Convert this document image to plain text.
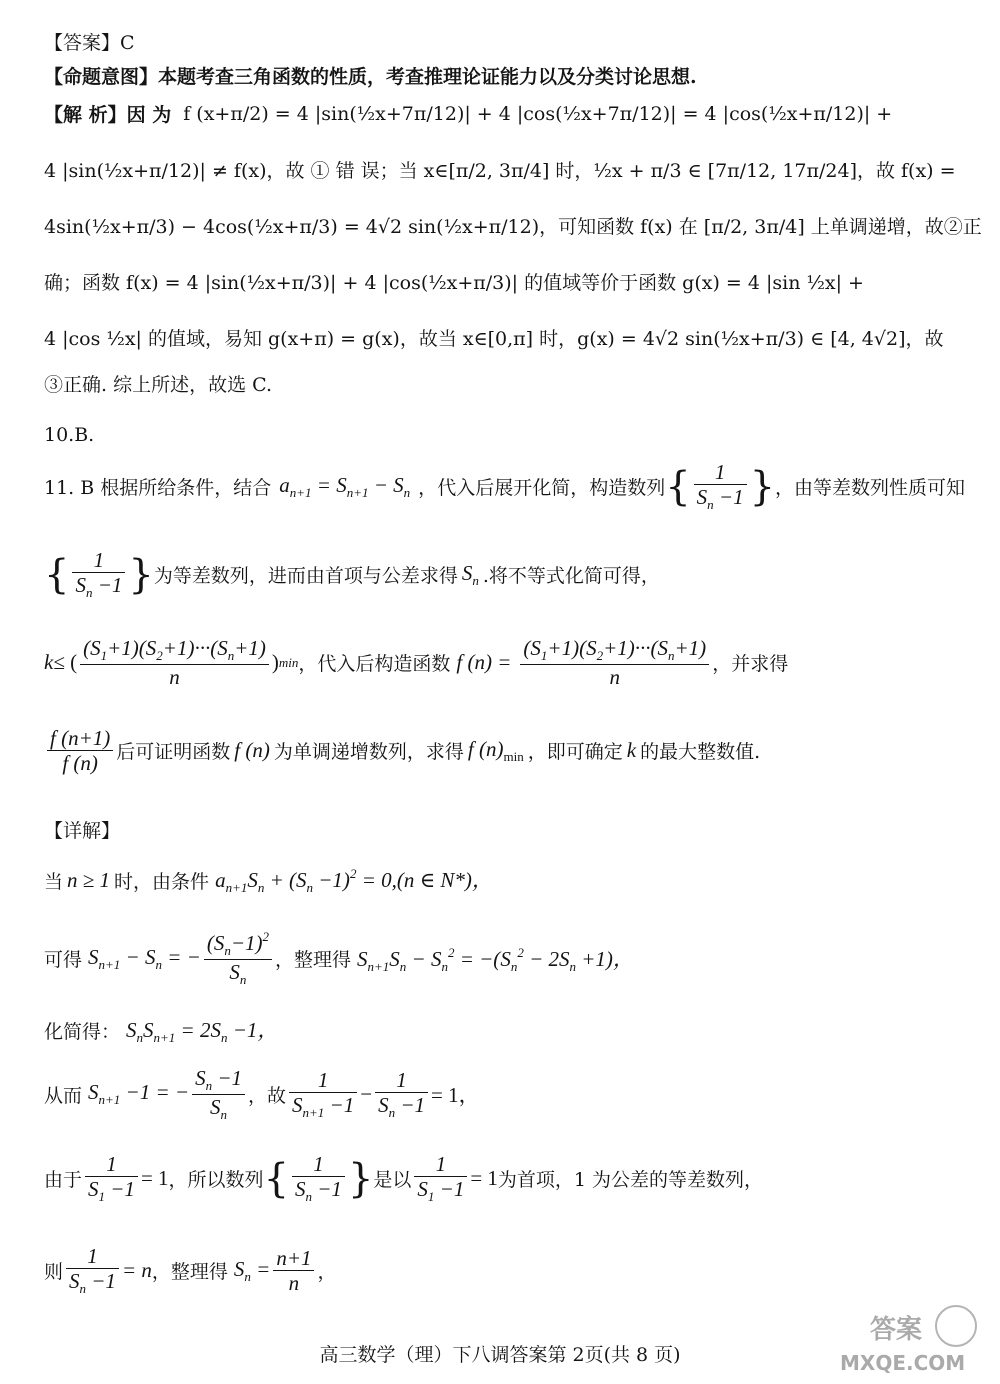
【答案】C
【命题意图】本题考查三角函数的性质，考查推理论证能力以及分类讨论思想.
【解 析】因 为 f (x+π/2) = 4 |sin(½x+7π/12)| + 4 |cos(½x+7π/12)| = 4 |cos(½x+π/12)| +
4 |sin(½x+π/12)| ≠ f(x)，故 ① 错 误；当 x∈[π/2, 3π/4] 时，½x + π/3 ∈ [7π/12, 17π/24]，故 f(x) =
4sin(½x+π/3) − 4cos(½x+π/3) = 4√2 sin(½x+π/12)，可知函数 f(x) 在 [π/2, 3π/4] 上单调递增，故②正
确；函数 f(x) = 4 |sin(½x+π/3)| + 4 |cos(½x+π/3)| 的值域等价于函数 g(x) = 4 |sin ½x| +
4 |cos ½x| 的值域，易知 g(x+π) = g(x)，故当 x∈[0,π] 时，g(x) = 4√2 sin(½x+π/3) ∈ [4, 4√2]，故
③正确. 综上所述，故选 C.
10.B.
11. B 根据所给条件，结合 $a_{n+1} = S_{n+1} - S_n$ ， 代入后展开化简，构造数列 { 1
$S_n -1$ } ， 由等差数列性质可知
{ 1
$S_n -1$ } 为等差数列，进而由首项与公差求得 $S_n$ .将不等式化简可得，
k ≤ (
$(S_1+1)(S_2+1)\cdot\cdot\cdot(S_n+1)$
n
) min ， 代入后构造函数 f (n) =
$(S_1+1)(S_2+1)\cdot\cdot\cdot(S_n+1)$
n
， 并求得
f (n+1)
f (n) 后可证明函数 f (n) 为单调递增数列，求得 f $(n)_{min}$ ， 即可确定 k 的最大整数值.
【详解】
当 n ≥ 1 时，由条件 $a_{n+1}S_n + (S_n -1)^2 = 0,(n$ ∈ N*)，
可得 $S_{n+1} - S_n$ = −
$(S_n-1)^2$
$S_n$
， 整理得 $S_{n+1}S_n - S_n^2 = -(S_n^2 - 2S_n +1)$，
化简得： $S_nS_{n+1} = 2S_n -1$，
从而 $S_{n+1} -1$ = −
$S_n -1$
$S_n$
， 故
1
$S_{n+1} -1$ −
1
$S_n -1 = 1$，
由于
1
$S_1 -1 = 1$ ， 所以数列 { 1
$S_n -1$ } 是以
1
$S_1 -1 = 1$ 为首项，1 为公差的等差数列，
则
1
$S_n -1 = n$ ， 整理得 $S_n = n+1$
n ，
高三数学（理）下八调答案第 2页(共 8 页)
答案
MXQE.COM
